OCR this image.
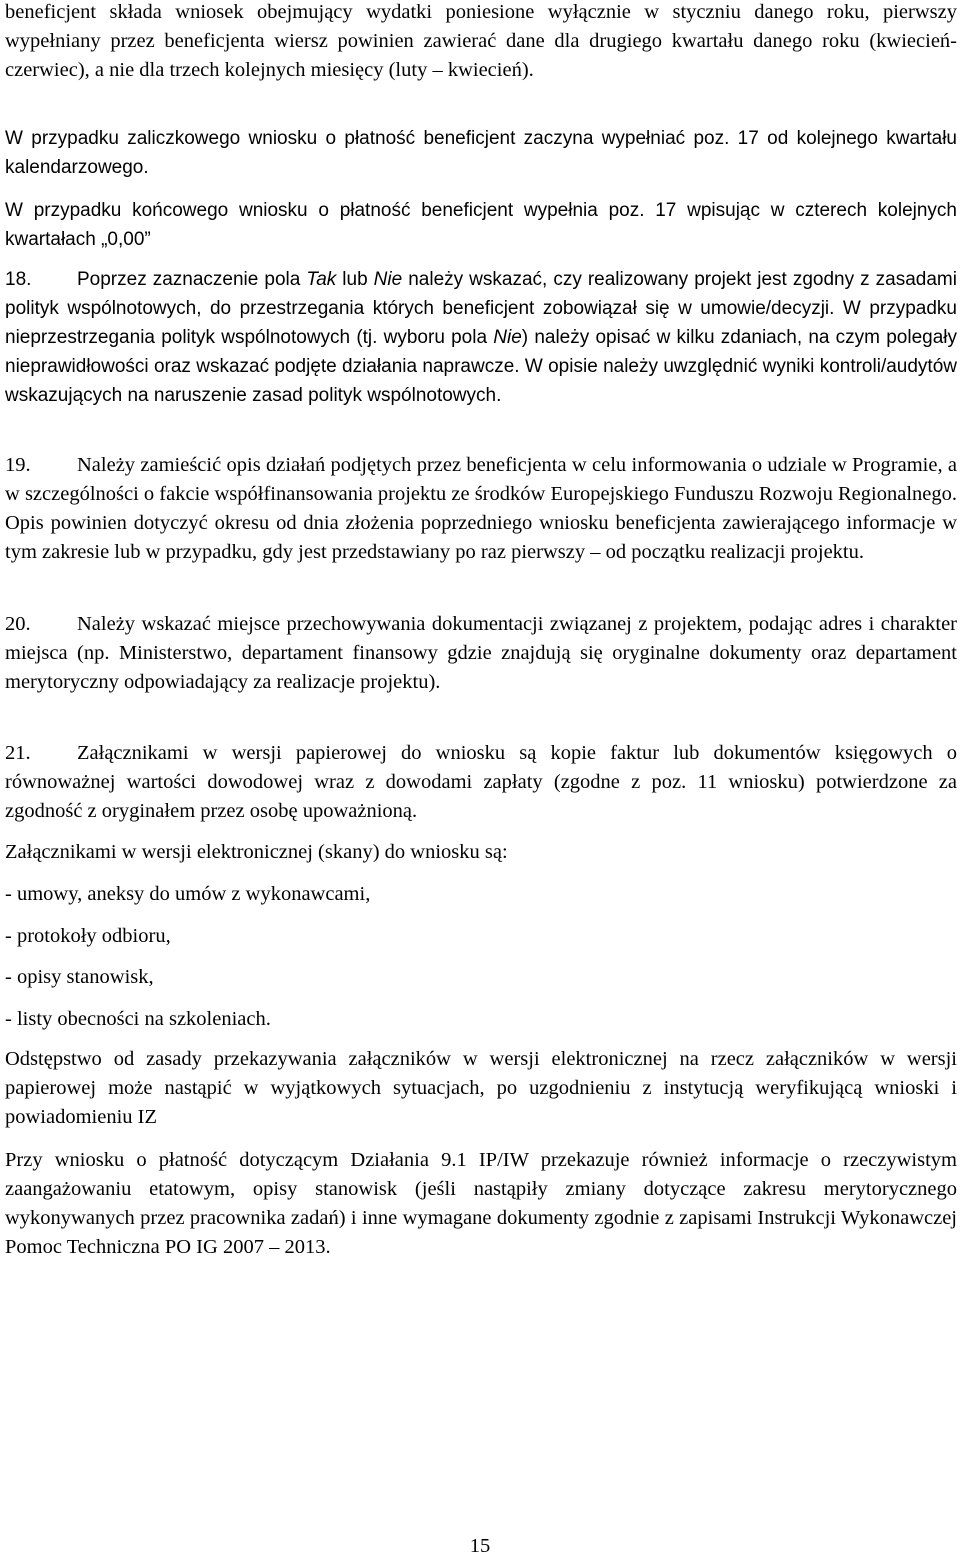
beneficjent składa wniosek obejmujący wydatki poniesione wyłącznie w styczniu danego roku, pierwszy wypełniany przez beneficjenta wiersz powinien zawierać dane dla drugiego kwartału danego roku (kwiecień-czerwiec), a nie dla trzech kolejnych miesięcy (luty – kwiecień).

W przypadku zaliczkowego wniosku o płatność beneficjent zaczyna wypełniać poz. 17 od kolejnego kwartału kalendarzowego.

W przypadku końcowego wniosku o płatność beneficjent wypełnia poz. 17 wpisując w czterech kolejnych kwartałach „0,00”

18. Poprzez zaznaczenie pola Tak lub Nie należy wskazać, czy realizowany projekt jest zgodny z zasadami polityk wspólnotowych, do przestrzegania których beneficjent zobowiązał się w umowie/decyzji. W przypadku nieprzestrzegania polityk wspólnotowych (tj. wyboru pola Nie) należy opisać w kilku zdaniach, na czym polegały nieprawidłowości oraz wskazać podjęte działania naprawcze. W opisie należy uwzględnić wyniki kontroli/audytów wskazujących na naruszenie zasad polityk wspólnotowych.

19. Należy zamieścić opis działań podjętych przez beneficjenta w celu informowania o udziale w Programie, a w szczególności o fakcie współfinansowania projektu ze środków Europejskiego Funduszu Rozwoju Regionalnego. Opis powinien dotyczyć okresu od dnia złożenia poprzedniego wniosku beneficjenta zawierającego informacje w tym zakresie lub w przypadku, gdy jest przedstawiany po raz pierwszy – od początku realizacji projektu.

20. Należy wskazać miejsce przechowywania dokumentacji związanej z projektem, podając adres i charakter miejsca (np. Ministerstwo, departament finansowy gdzie znajdują się oryginalne dokumenty oraz departament merytoryczny odpowiadający za realizacje projektu).

21. Załącznikami w wersji papierowej do wniosku są kopie faktur lub dokumentów księgowych o równoważnej wartości dowodowej wraz z dowodami zapłaty (zgodne z poz. 11 wniosku) potwierdzone za zgodność z oryginałem przez osobę upoważnioną.

Załącznikami w wersji elektronicznej (skany) do wniosku są:

- umowy, aneksy do umów z wykonawcami,

- protokoły odbioru,

- opisy stanowisk,

- listy obecności na szkoleniach.

Odstępstwo od zasady przekazywania załączników w wersji elektronicznej na rzecz załączników w wersji papierowej może nastąpić w wyjątkowych sytuacjach, po uzgodnieniu z instytucją weryfikującą wnioski i powiadomieniu IZ

Przy wniosku o płatność dotyczącym Działania 9.1 IP/IW przekazuje również informacje o rzeczywistym zaangażowaniu etatowym, opisy stanowisk (jeśli nastąpiły zmiany dotyczące zakresu merytorycznego wykonywanych przez pracownika zadań) i inne wymagane dokumenty zgodnie z zapisami Instrukcji Wykonawczej Pomoc Techniczna PO IG 2007 – 2013.

15
